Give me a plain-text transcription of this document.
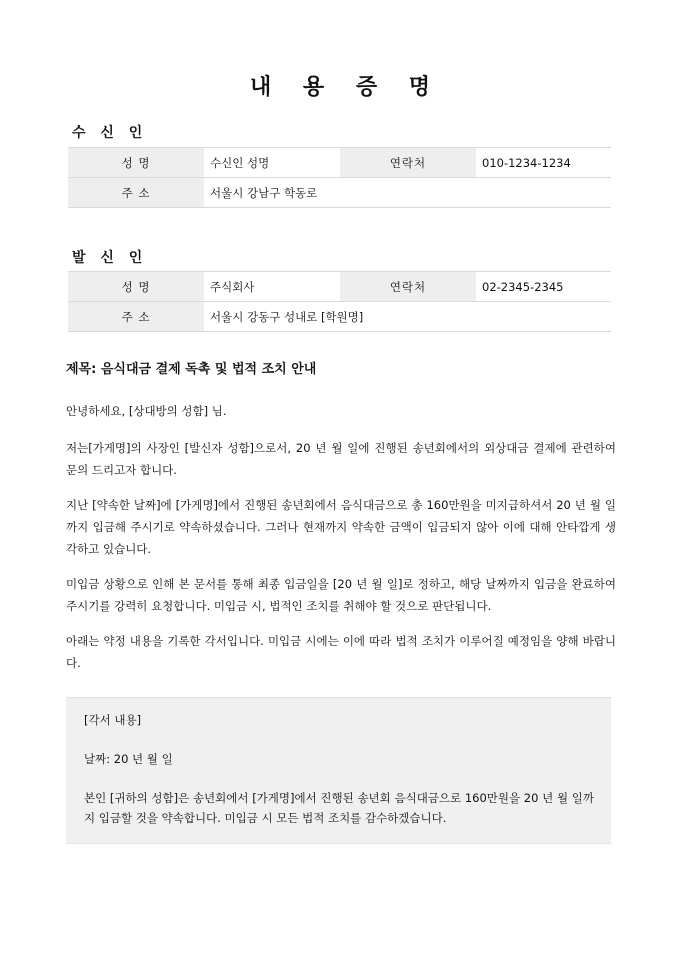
내 용 증 명
수 신 인
성 명	수신인 성명	연락처	010-1234-1234
주 소	서울시 강남구 학동로		
발 신 인
성 명	주식회사	연락처	02-2345-2345
주 소	서울시 강동구 성내로 [학원명]		
제목: 음식대금 결제 독촉 및 법적 조치 안내

안녕하세요, [상대방의 성함] 님.

저는[가게명]의 사장인 [발신자 성함]으로서, 20 년 월 일에 진행된 송년회에서의 외상대금 결제에 관련하여 문의 드리고자 합니다.

지난 [약속한 날짜]에 [가게명]에서 진행된 송년회에서 음식대금으로 총 160만원을 미지급하셔서 20 년 월 일까지 입금해 주시기로 약속하셨습니다. 그러나 현재까지 약속한 금액이 입금되지 않아 이에 대해 안타깝게 생각하고 있습니다.

미입금 상황으로 인해 본 문서를 통해 최종 입금일을 [20 년 월 일]로 정하고, 해당 날짜까지 입금을 완료하여 주시기를 강력히 요청합니다. 미입금 시, 법적인 조치를 취해야 할 것으로 판단됩니다.

아래는 약정 내용을 기록한 각서입니다. 미입금 시에는 이에 따라 법적 조치가 이루어질 예정임을 양해 바랍니다.

[각서 내용]

날짜: 20 년 월 일

본인 [귀하의 성함]은 송년회에서 [가게명]에서 진행된 송년회 음식대금으로 160만원을 20 년 월 일까지 입금할 것을 약속합니다. 미입금 시 모든 법적 조치를 감수하겠습니다.
